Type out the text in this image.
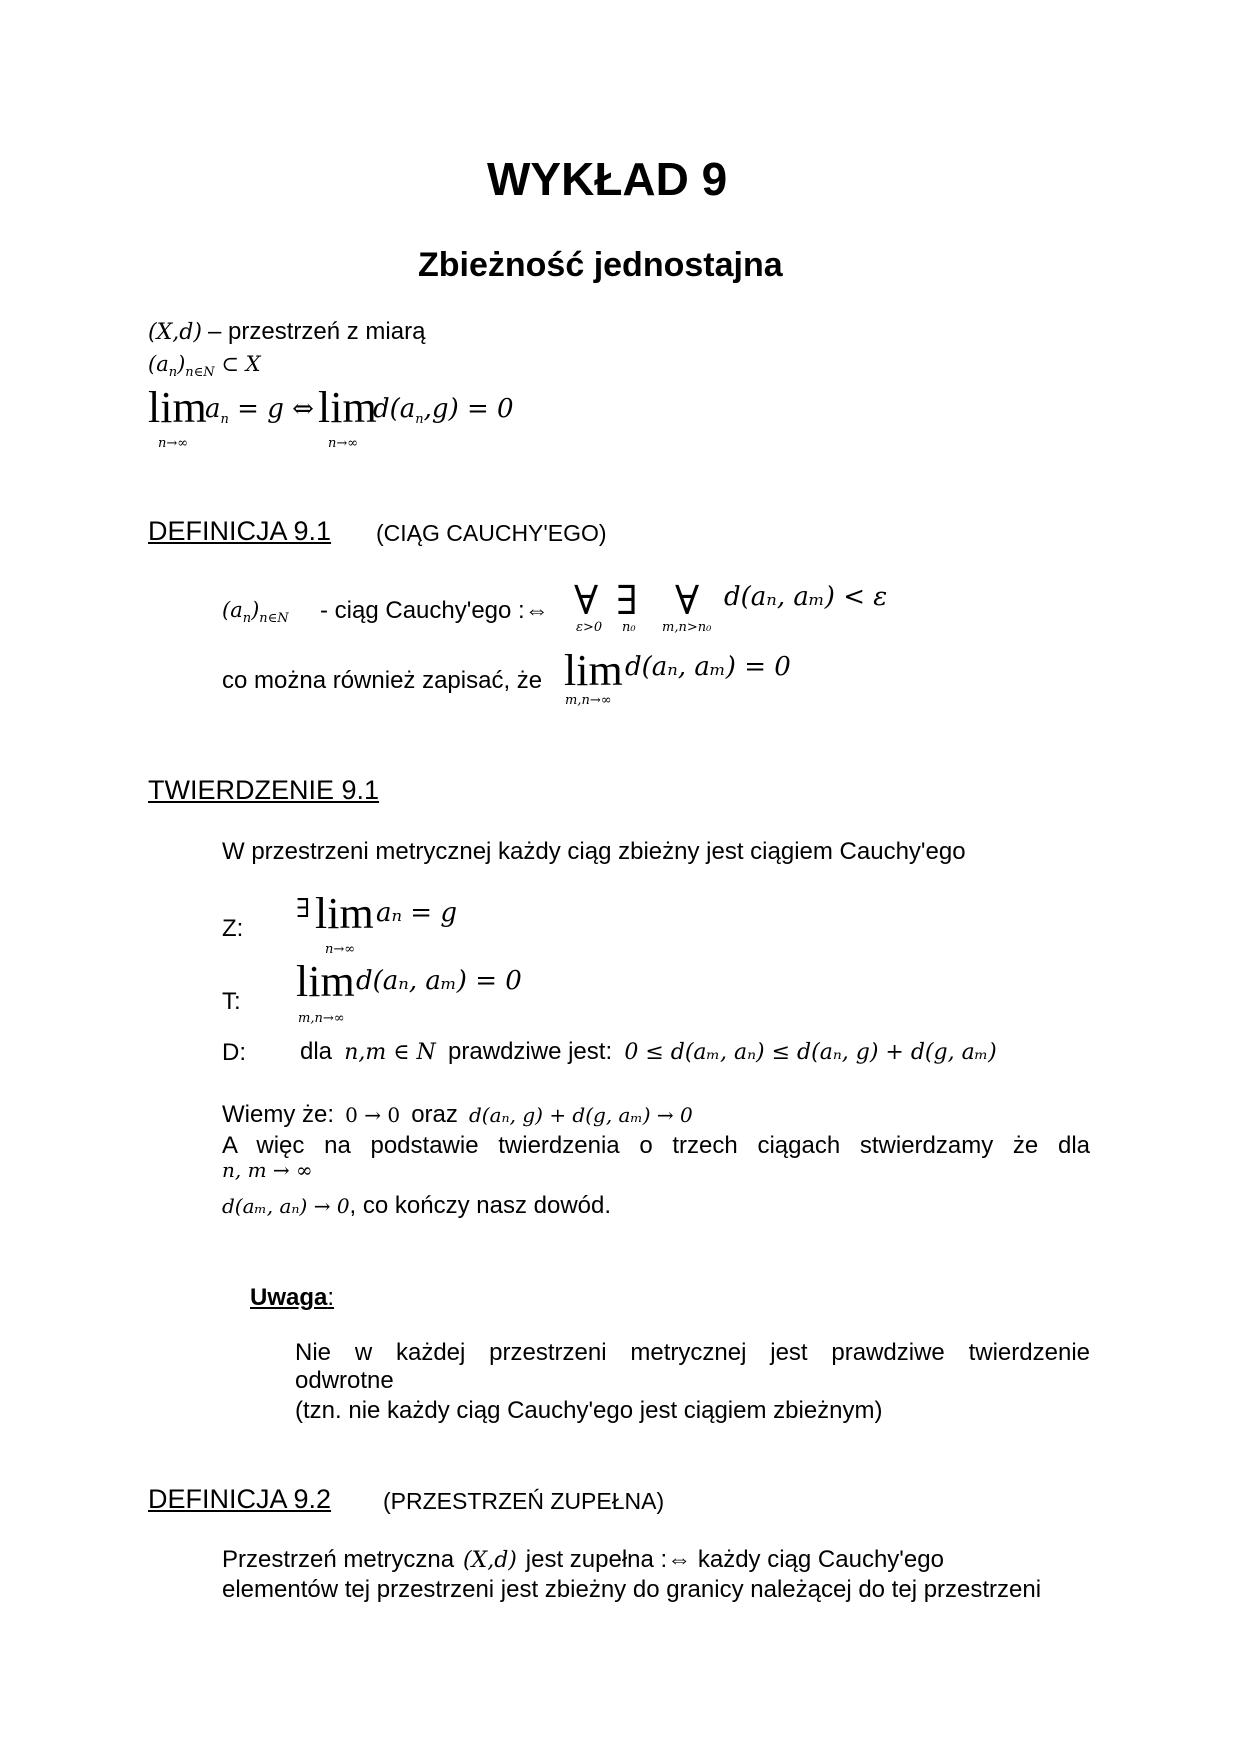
WYKŁAD 9
Zbieżność jednostajna
(X,d) – przestrzeń z miarą
$(a_n)_{n\in N}$ ⊂ X
lim
n→∞
$a_n = g$ ⇔ lim
n→∞
$d(a_n,g) = 0$
DEFINICJA 9.1 (CIĄG CAUCHY'EGO)
$(a_n)_{n\in N}$ - ciąg Cauchy'ego :⇔ ∀
ε>0
∃
n₀
∀
m,n>n₀
d(aₙ, aₘ) < ε
co można również zapisać, że lim
m,n→∞
d(aₙ, aₘ) = 0
TWIERDZENIE 9.1
W przestrzeni metrycznej każdy ciąg zbieżny jest ciągiem Cauchy'ego
Z:
∃ lim
n→∞
aₙ = g
T: lim
m,n→∞
d(aₙ, aₘ) = 0
D: dla n,m ∈ N prawdziwe jest: 0 ≤ d(aₘ, aₙ) ≤ d(aₙ, g) + d(g, aₘ)
Wiemy że: 0 → 0 oraz d(aₙ, g) + d(g, aₘ) → 0
A więc na podstawie twierdzenia o trzech ciągach stwierdzamy że dla
n, m → ∞
d(aₘ, aₙ) → 0, co kończy nasz dowód.
Uwaga:
Nie w każdej przestrzeni metrycznej jest prawdziwe twierdzenie
odwrotne
(tzn. nie każdy ciąg Cauchy'ego jest ciągiem zbieżnym)
DEFINICJA 9.2 (PRZESTRZEŃ ZUPEŁNA)
Przestrzeń metryczna (X,d) jest zupełna :⇔ każdy ciąg Cauchy'ego
elementów tej przestrzeni jest zbieżny do granicy należącej do tej przestrzeni
